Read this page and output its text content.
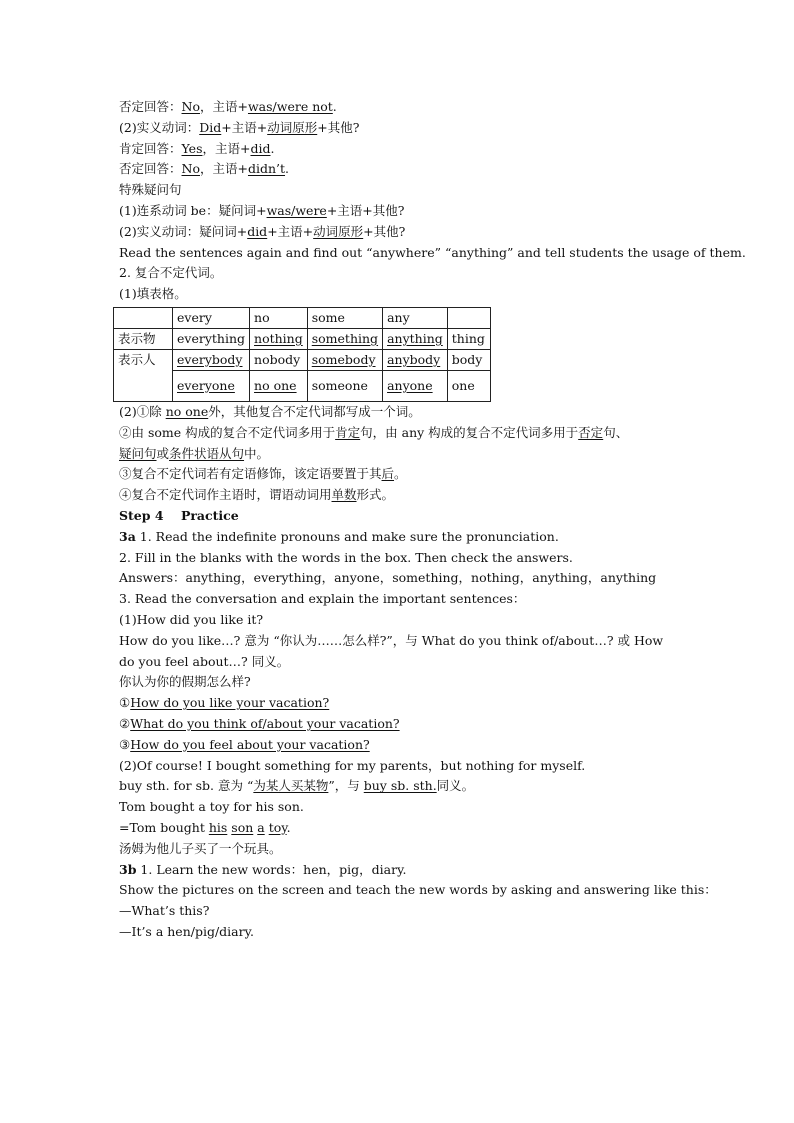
否定回答：No，主语+was/were not.
(2)实义动词：Did+主语+动词原形+其他?
肯定回答：Yes，主语+did.
否定回答：No，主语+didn’t.
特殊疑问句
(1)连系动词 be：疑问词+was/were+主语+其他?
(2)实义动词：疑问词+did+主语+动词原形+其他?
Read the sentences again and find out “anywhere” “anything” and tell students the usage of them.
2. 复合不定代词。
(1)填表格。
	every	no	some	any	
表示物	everything	nothing	something	anything	thing
表示人	everybody	nobody	somebody	anybody	body
	everyone	no one	someone	anyone	one
(2)①除 no one外，其他复合不定代词都写成一个词。
②由 some 构成的复合不定代词多用于肯定句，由 any 构成的复合不定代词多用于否定句、
疑问句或条件状语从句中。
③复合不定代词若有定语修饰，该定语要置于其后。
④复合不定代词作主语时，谓语动词用单数形式。
Step 4    Practice
3a 1. Read the indefinite pronouns and make sure the pronunciation.
2. Fill in the blanks with the words in the box. Then check the answers.
Answers：anything，everything，anyone，something，nothing，anything，anything
3. Read the conversation and explain the important sentences：
(1)How did you like it?
How do you like…? 意为 “你认为……怎么样?”，与 What do you think of/about…? 或 How do you feel about…? 同义。
你认为你的假期怎么样?
①How do you like your vacation?
②What do you think of/about your vacation?
③How do you feel about your vacation?
(2)Of course! I bought something for my parents，but nothing for myself.
buy sth. for sb. 意为 “为某人买某物”，与 buy sb. sth.同义。
Tom bought a toy for his son.
=Tom bought his son a toy.
汤姆为他儿子买了一个玩具。
3b 1. Learn the new words：hen，pig，diary.
Show the pictures on the screen and teach the new words by asking and answering like this：
—What’s this?
—It’s a hen/pig/diary.
